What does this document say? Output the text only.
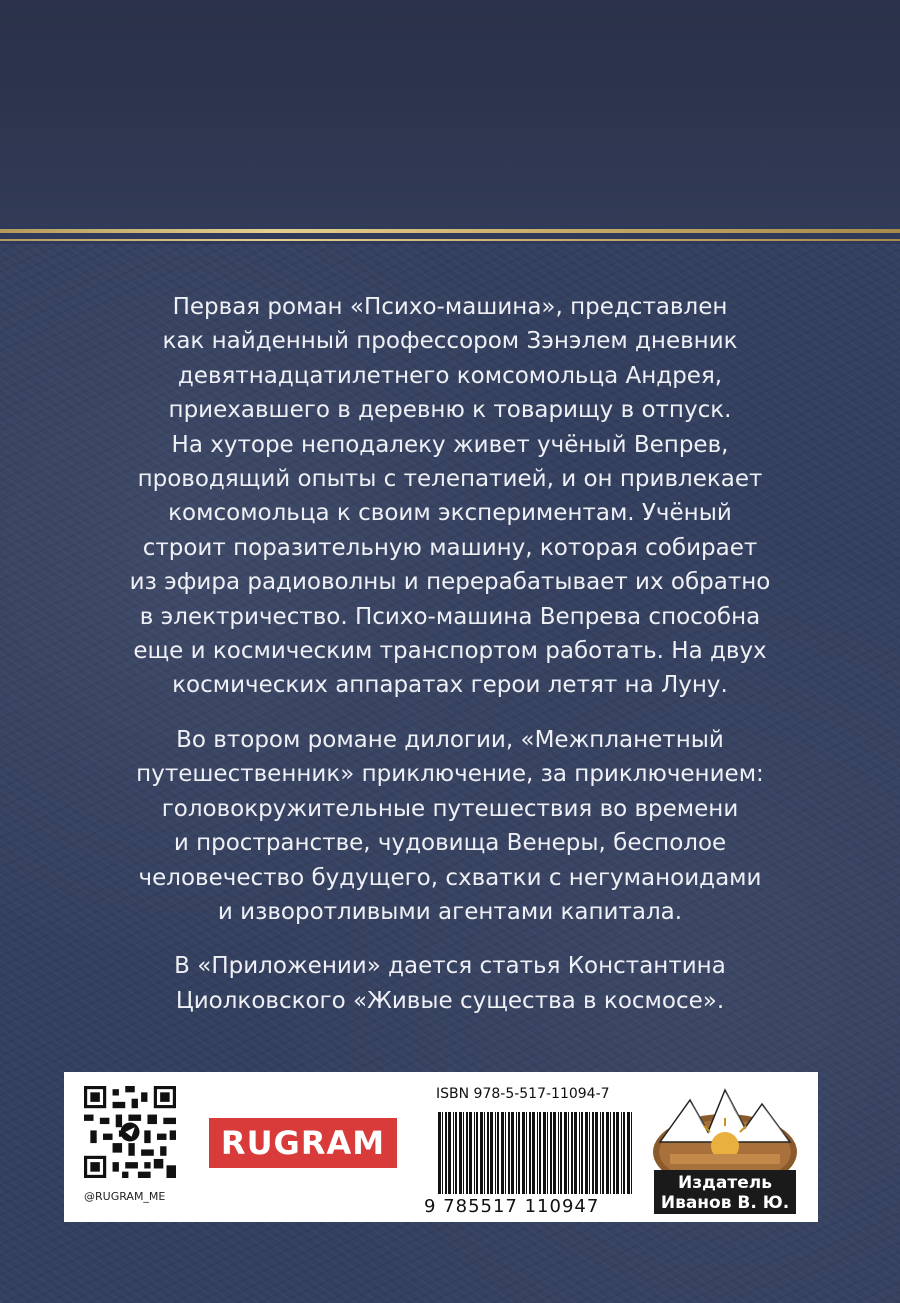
Первая роман «Психо-машина», представлен
как найденный профессором Зэнэлем дневник
девятнадцатилетнего комсомольца Андрея,
приехавшего в деревню к товарищу в отпуск.
На хуторе неподалеку живет учёный Вепрев,
проводящий опыты с телепатией, и он привлекает
комсомольца к своим экспериментам. Учёный
строит поразительную машину, которая собирает
из эфира радиоволны и перерабатывает их обратно
в электричество. Психо-машина Вепрева способна
еще и космическим транспортом работать. На двух
космических аппаратах герои летят на Луну.

Во втором романе дилогии, «Межпланетный
путешественник» приключение, за приключением:
головокружительные путешествия во времени
и пространстве, чудовища Венеры, бесполое
человечество будущего, схватки с негуманоидами
и изворотливыми агентами капитала.

В «Приложении» дается статья Константина
Циолковского «Живые существа в космосе».

@RUGRAM_ME
RUGRAM
ISBN 978-5-517-11094-7
9 785517 110947
Издатель
Иванов В. Ю.
